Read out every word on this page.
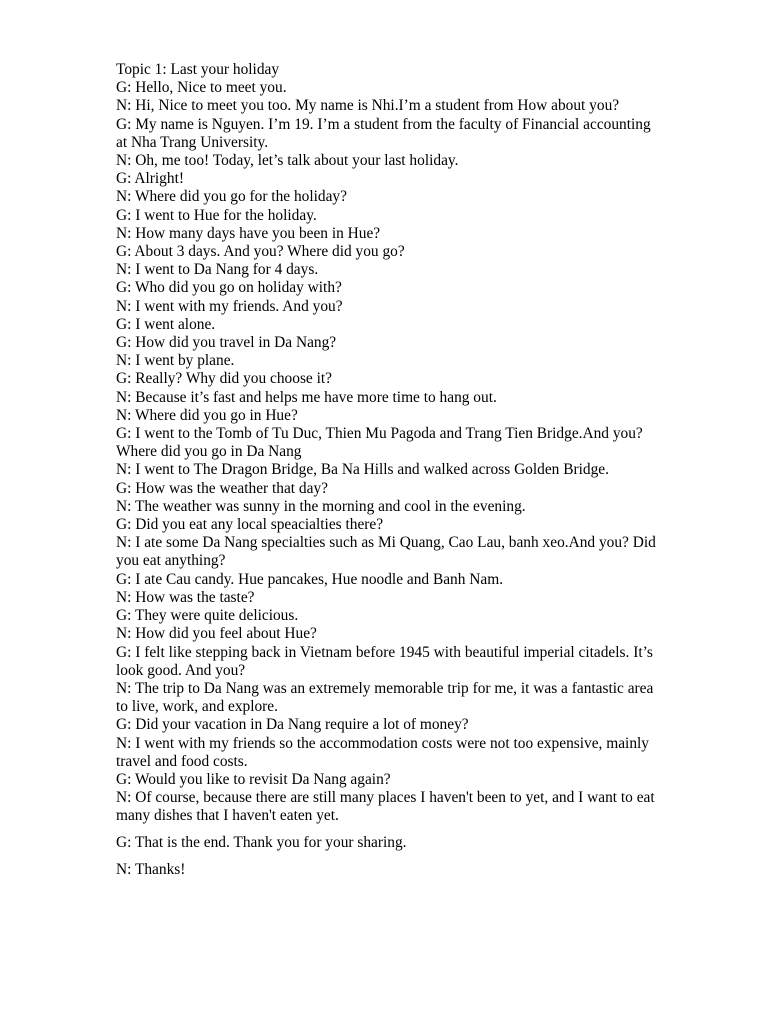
Topic 1: Last your holiday

G: Hello, Nice to meet you.

N: Hi, Nice to meet you too. My name is Nhi.I’m a student from How about you?

G: My name is Nguyen. I’m 19. I’m a student from the faculty of Financial accounting at Nha Trang University.

N: Oh, me too! Today, let’s talk about your last holiday.

G: Alright!

N: Where did you go for the holiday?

G: I went to Hue for the holiday.

N: How many days have you been in Hue?

G: About 3 days. And you? Where did you go?

N: I went to Da Nang for 4 days.

G: Who did you go on holiday with?

N: I went with my friends. And you?

G: I went alone.

G: How did you travel in Da Nang?

N: I went by plane.

G: Really? Why did you choose it?

N: Because it’s fast and helps me have more time to hang out.

N: Where did you go in Hue?

G: I went to the Tomb of Tu Duc, Thien Mu Pagoda and Trang Tien Bridge.And you? Where did you go in Da Nang

N: I went to The Dragon Bridge, Ba Na Hills and walked across Golden Bridge.

G: How was the weather that day?

N: The weather was sunny in the morning and cool in the evening.

G: Did you eat any local speacialties there?

N: I ate some Da Nang specialties such as Mi Quang, Cao Lau, banh xeo.And you? Did you eat anything?

G: I ate Cau candy. Hue pancakes, Hue noodle and Banh Nam.

N: How was the taste?

G: They were quite delicious.

N: How did you feel about Hue?

G: I felt like stepping back in Vietnam before 1945 with beautiful imperial citadels. It’s look good. And you?

N: The trip to Da Nang was an extremely memorable trip for me, it was a fantastic area to live, work, and explore.

G: Did your vacation in Da Nang require a lot of money?

N: I went with my friends so the accommodation costs were not too expensive, mainly travel and food costs.

G: Would you like to revisit Da Nang again?

N: Of course, because there are still many places I haven't been to yet, and I want to eat many dishes that I haven't eaten yet.

G: That is the end. Thank you for your sharing.

N: Thanks!
